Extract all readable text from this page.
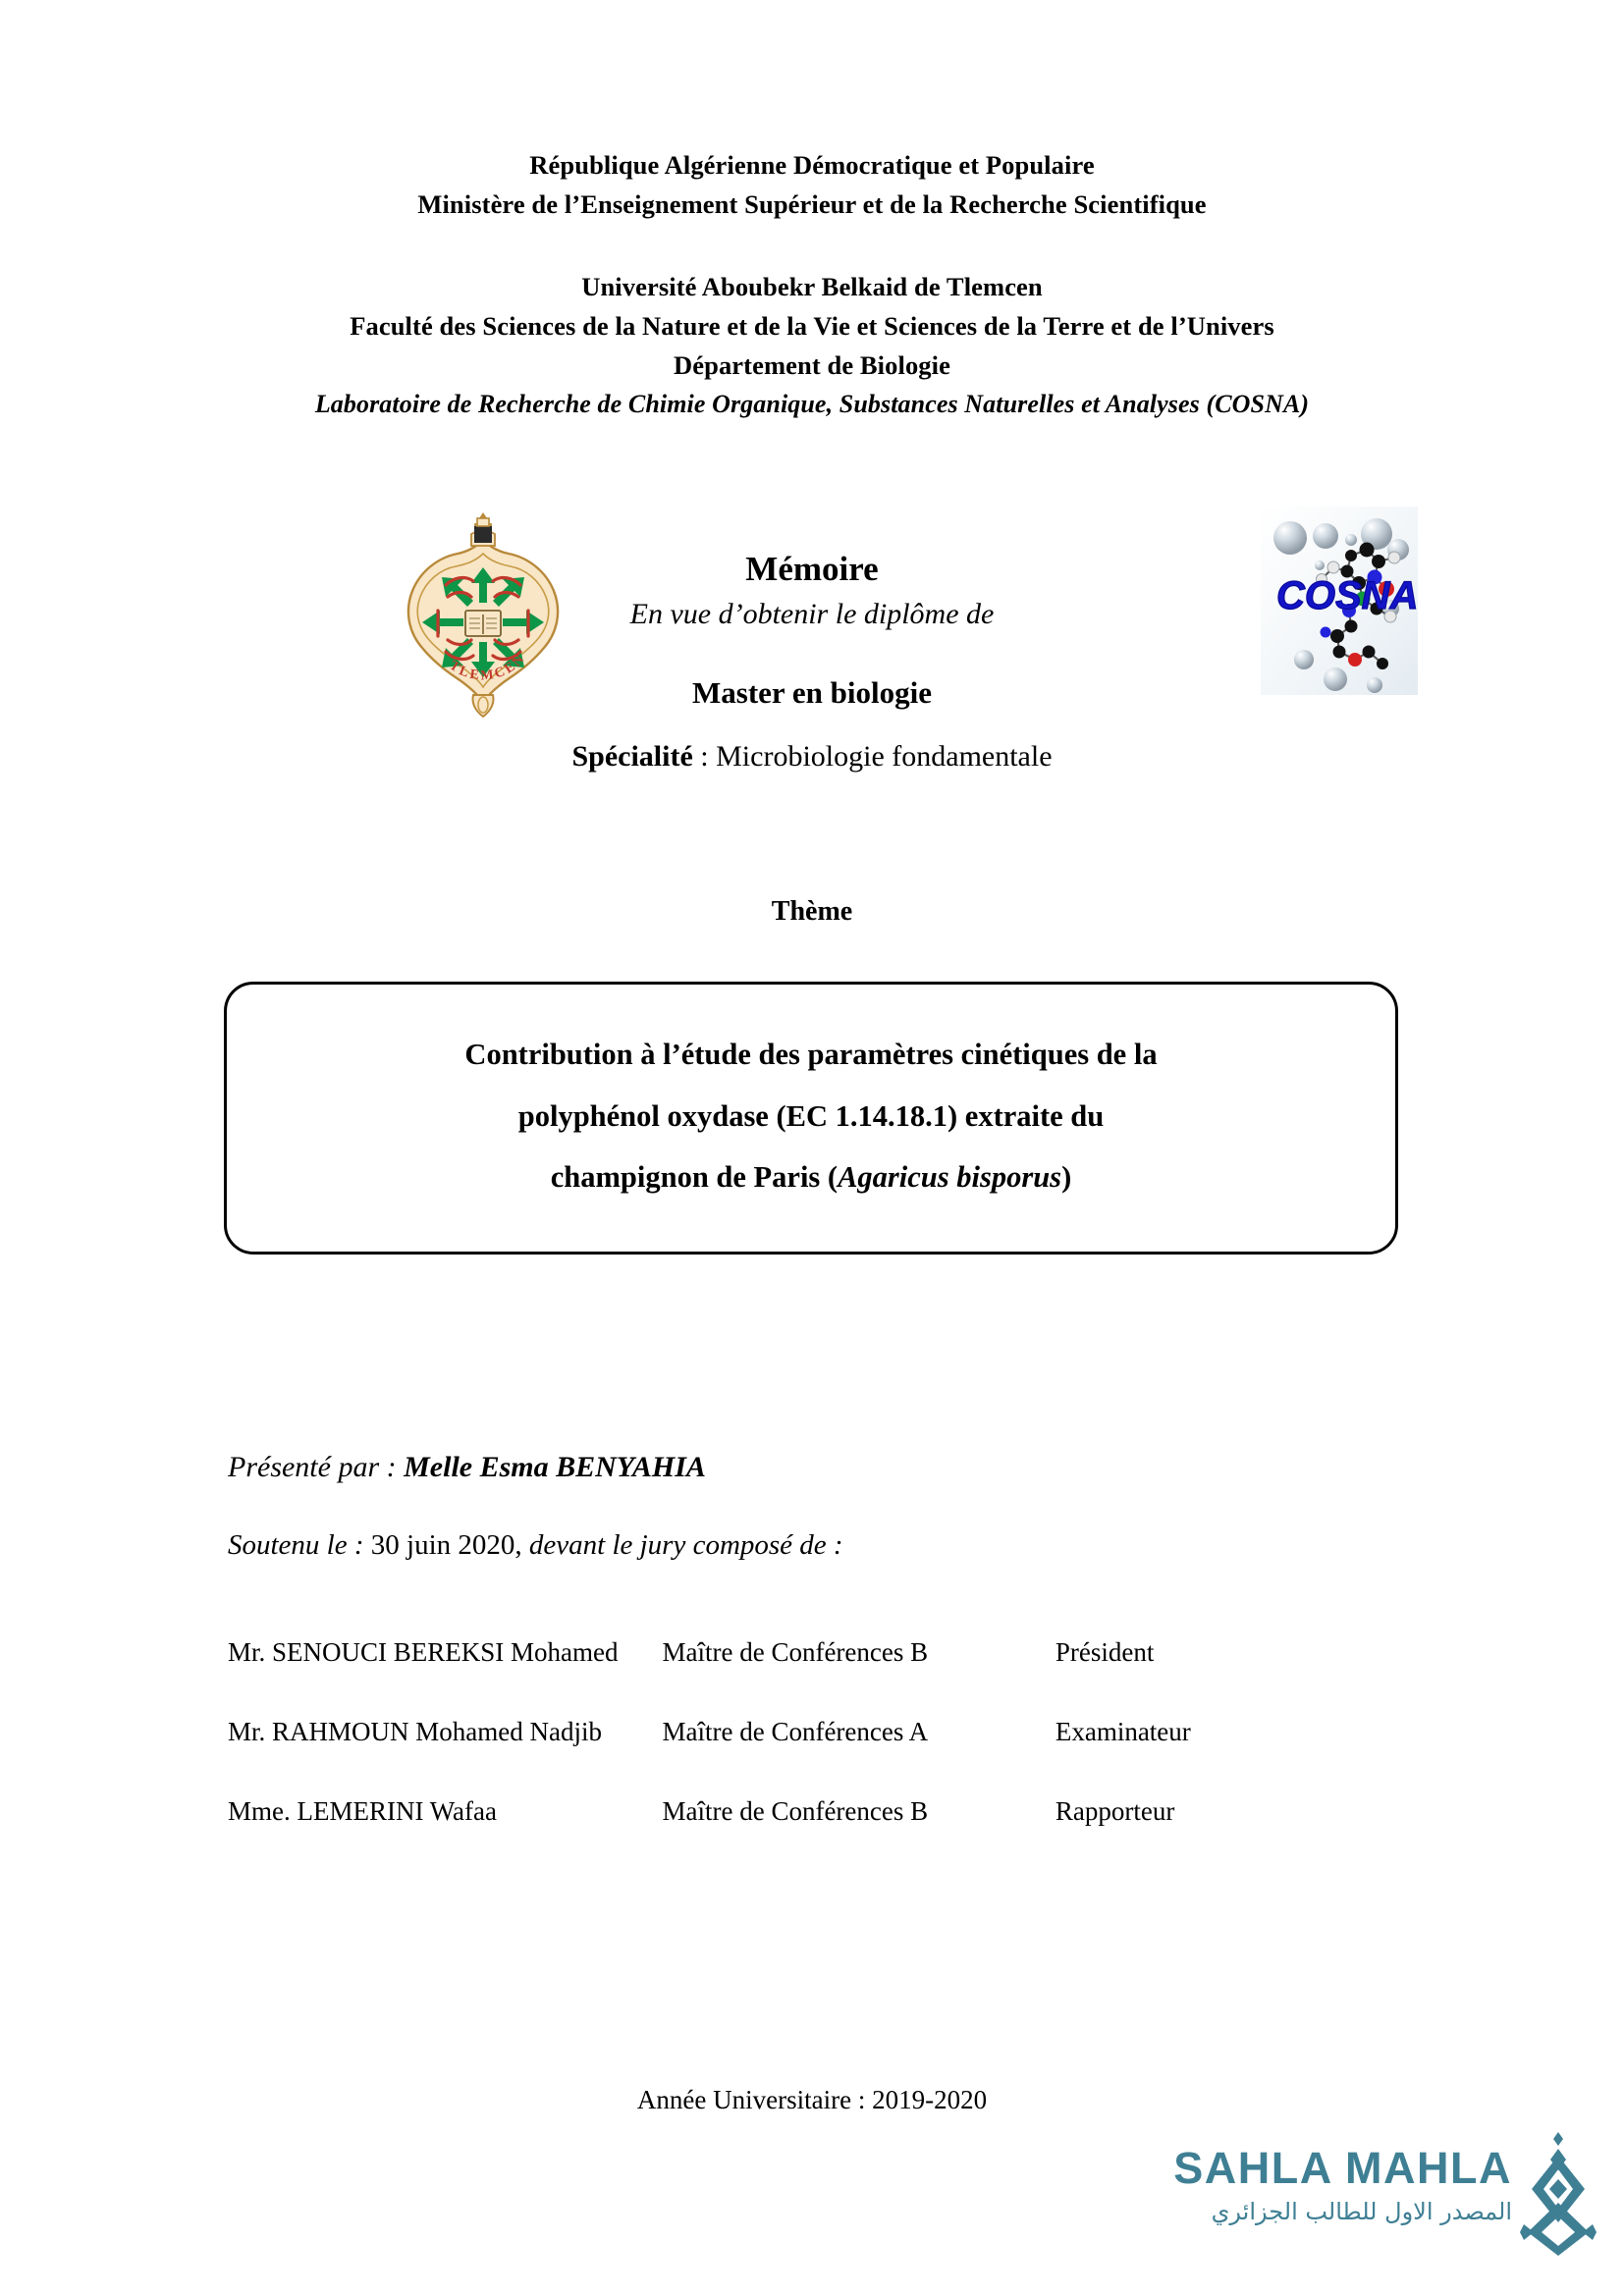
République Algérienne Démocratique et Populaire
Ministère de l’Enseignement Supérieur et de la Recherche Scientifique
Université Aboubekr Belkaid de Tlemcen
Faculté des Sciences de la Nature et de la Vie et Sciences de la Terre et de l’Univers
Département de Biologie
Laboratoire de Recherche de Chimie Organique, Substances Naturelles et Analyses (COSNA)
TLEMCEN
COSNA
Mémoire
En vue d’obtenir le diplôme de
Master en biologie
Spécialité : Microbiologie fondamentale
Thème
Contribution à l’étude des paramètres cinétiques de la
polyphénol oxydase (EC 1.14.18.1) extraite du
champignon de Paris (Agaricus bisporus)
Présenté par : Melle Esma BENYAHIA
Soutenu le : 30 juin 2020, devant le jury composé de :
Mr. SENOUCI BEREKSI Mohamed	Maître de Conférences B	Président
Mr. RAHMOUN Mohamed Nadjib	Maître de Conférences A	Examinateur
Mme. LEMERINI Wafaa	Maître de Conférences B	Rapporteur
Année Universitaire : 2019-2020
SAHLA MAHLA
المصدر الاول للطالب الجزائري
